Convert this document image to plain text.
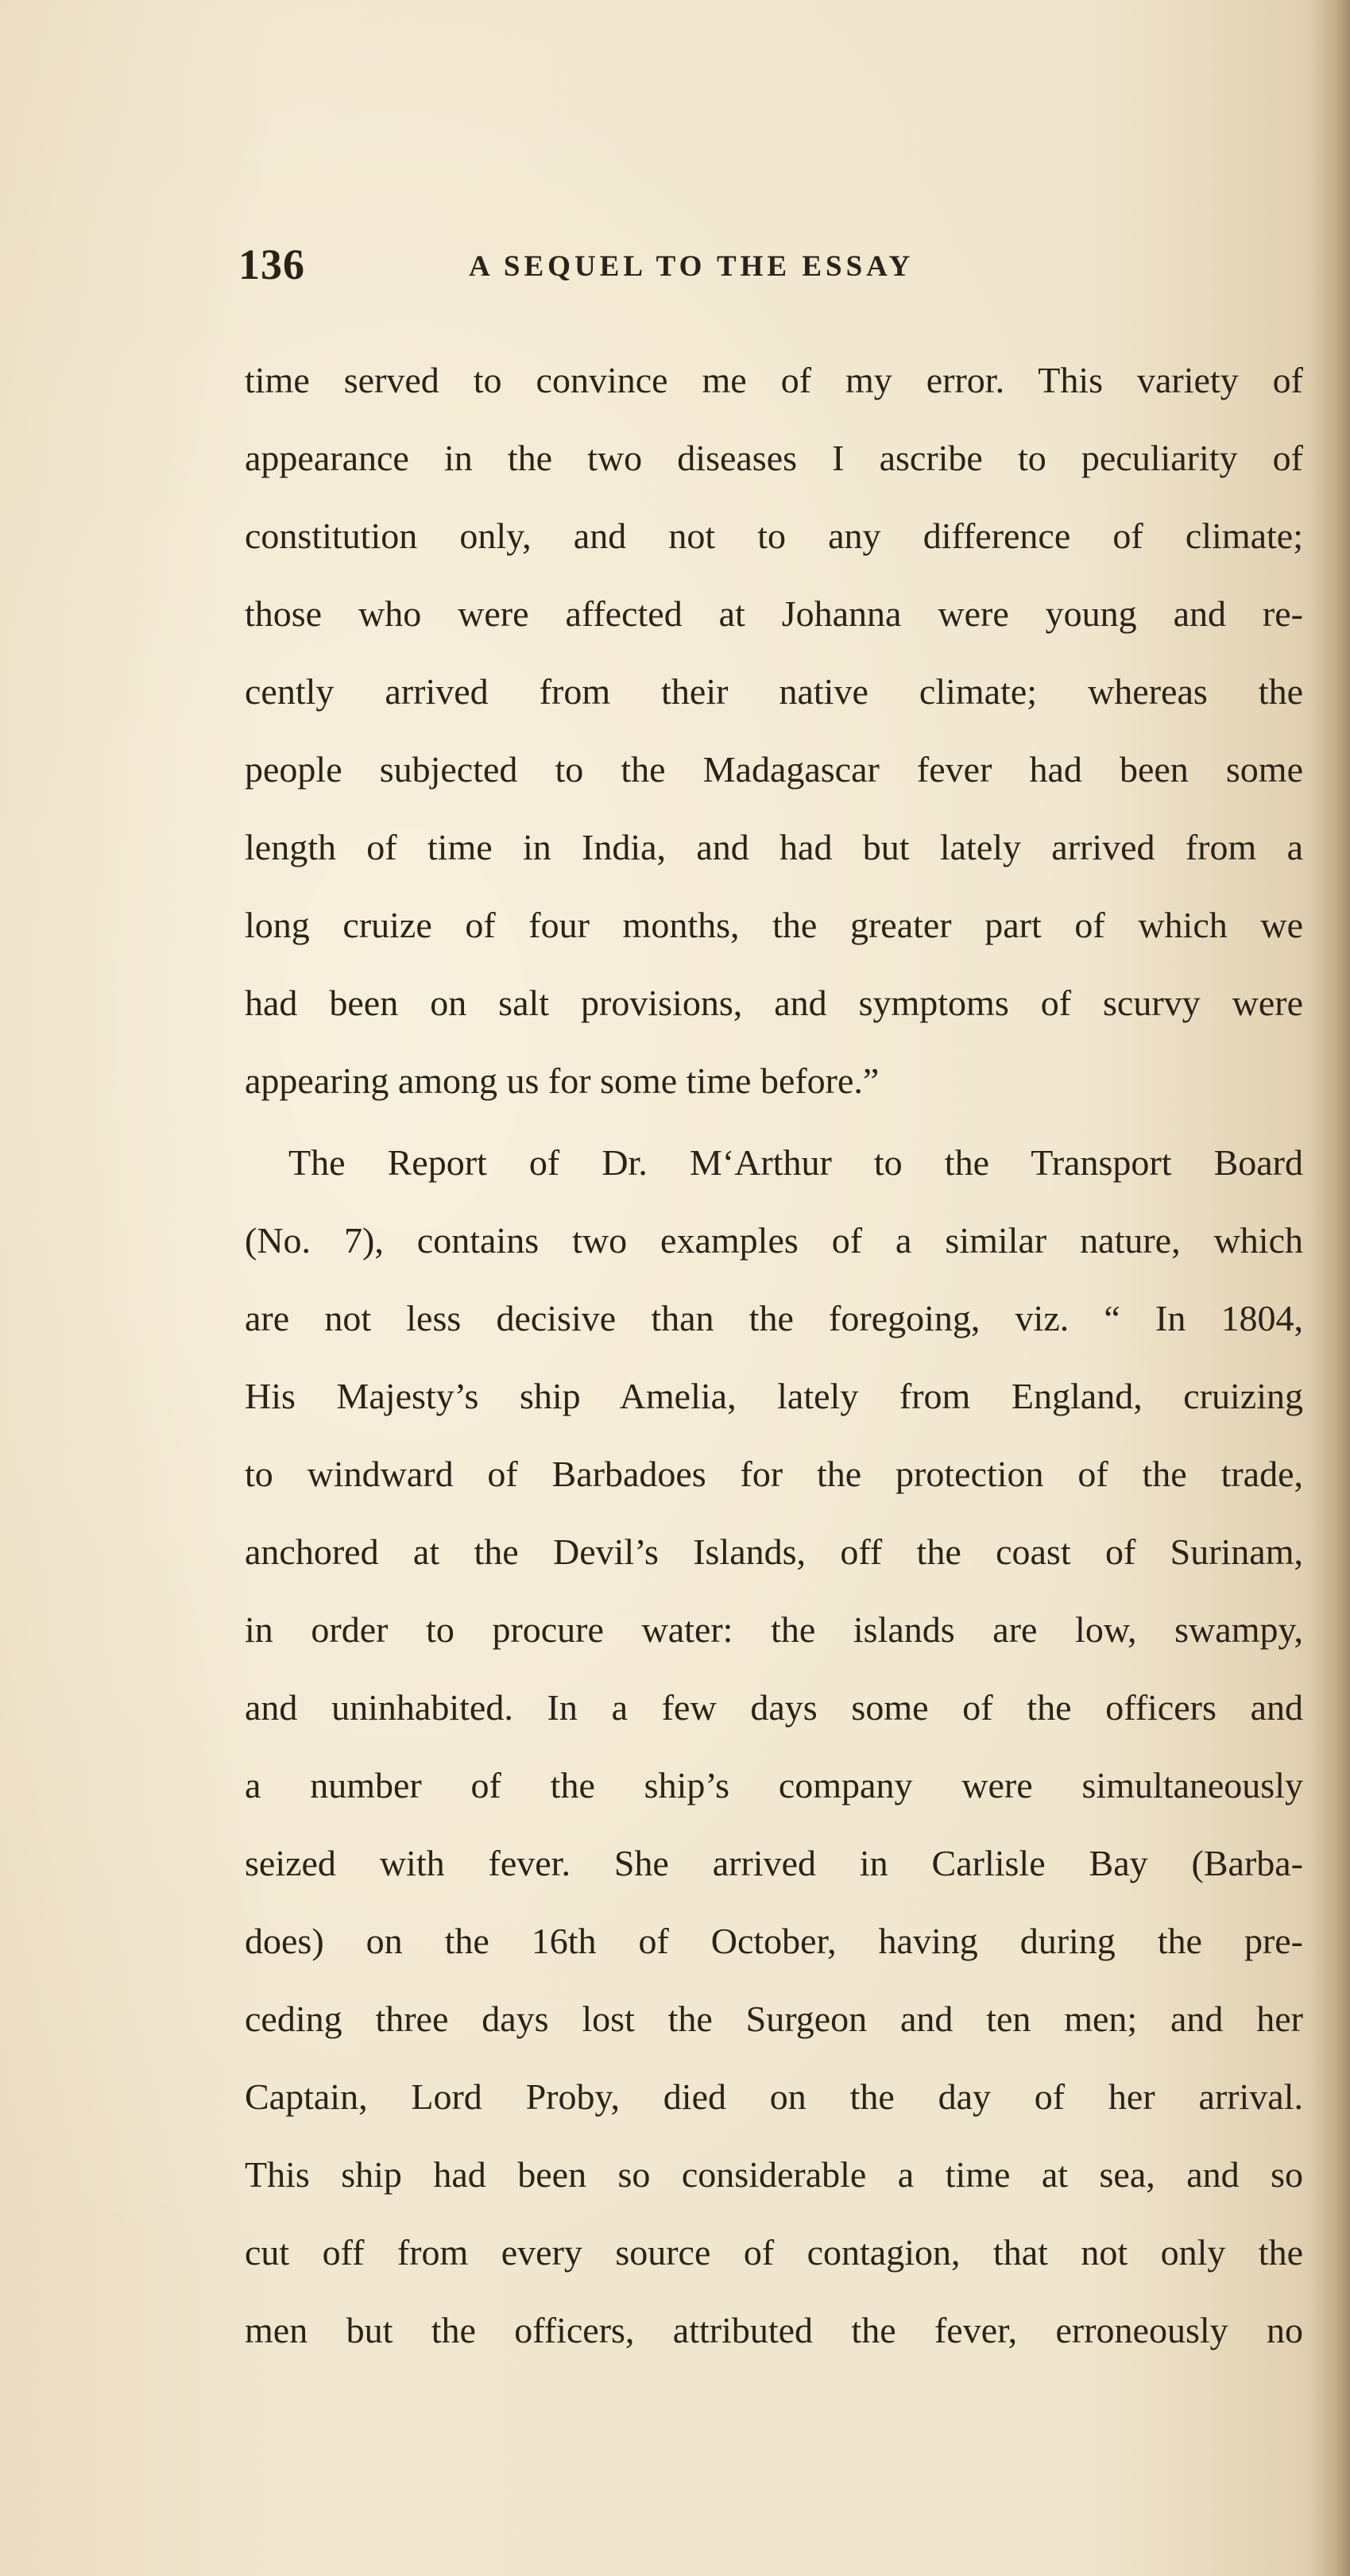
136	A SEQUEL TO THE ESSAY
time served to convince me of my error. This variety of
appearance in the two diseases I ascribe to peculiarity of
constitution only, and not to any difference of climate;
those who were affected at Johanna were young and re-
cently arrived from their native climate; whereas the
people subjected to the Madagascar fever had been some
length of time in India, and had but lately arrived from a
long cruize of four months, the greater part of which we
had been on salt provisions, and symptoms of scurvy were
appearing among us for some time before.”
The Report of Dr. M‘Arthur to the Transport Board
(No. 7), contains two examples of a similar nature, which
are not less decisive than the foregoing, viz. “ In 1804,
His Majesty’s ship Amelia, lately from England, cruizing
to windward of Barbadoes for the protection of the trade,
anchored at the Devil’s Islands, off the coast of Surinam,
in order to procure water: the islands are low, swampy,
and uninhabited. In a few days some of the officers and
a number of the ship’s company were simultaneously
seized with fever. She arrived in Carlisle Bay (Barba-
does) on the 16th of October, having during the pre-
ceding three days lost the Surgeon and ten men; and her
Captain, Lord Proby, died on the day of her arrival.
This ship had been so considerable a time at sea, and so
cut off from every source of contagion, that not only the
men but the officers, attributed the fever, erroneously no
